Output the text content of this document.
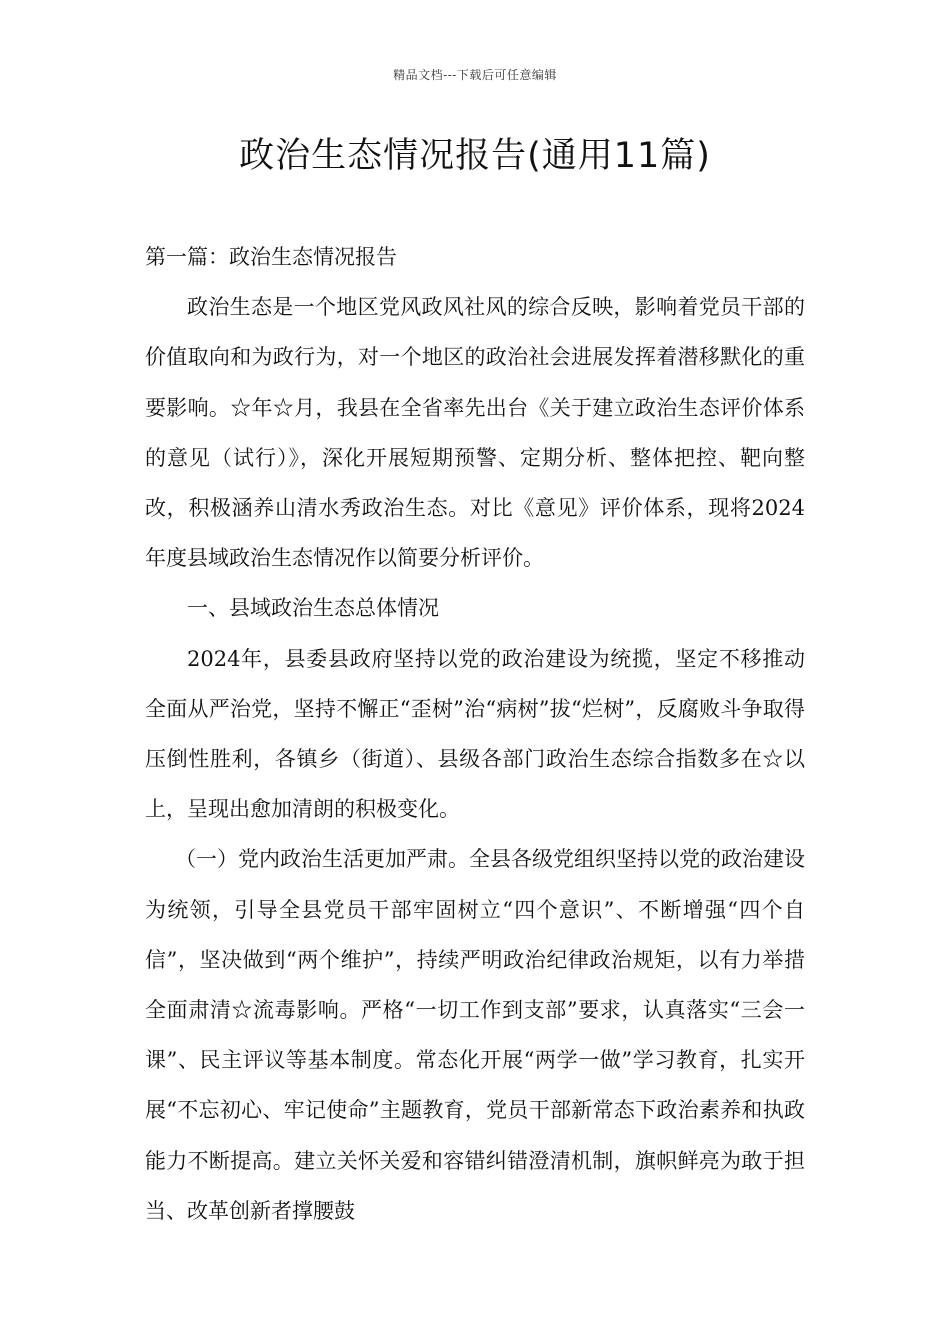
精品文档---下载后可任意编辑
政治生态情况报告(通用11篇)

第一篇：政治生态情况报告

政治生态是一个地区党风政风社风的综合反映，影响着党员干部的价值取向和为政行为，对一个地区的政治社会进展发挥着潜移默化的重要影响。☆年☆月，我县在全省率先出台《关于建立政治生态评价体系的意见（试行）》，深化开展短期预警、定期分析、整体把控、靶向整改，积极涵养山清水秀政治生态。对比《意见》评价体系，现将2024年度县域政治生态情况作以简要分析评价。

一、县域政治生态总体情况

2024年，县委县政府坚持以党的政治建设为统揽，坚定不移推动全面从严治党，坚持不懈正“歪树”治“病树”拔“烂树”，反腐败斗争取得压倒性胜利，各镇乡（街道）、县级各部门政治生态综合指数多在☆以上，呈现出愈加清朗的积极变化。

（一）党内政治生活更加严肃。全县各级党组织坚持以党的政治建设为统领，引导全县党员干部牢固树立“四个意识”、不断增强“四个自信”，坚决做到“两个维护”，持续严明政治纪律政治规矩，以有力举措全面肃清☆流毒影响。严格“一切工作到支部”要求，认真落实“三会一课”、民主评议等基本制度。常态化开展“两学一做”学习教育，扎实开展“不忘初心、牢记使命”主题教育，党员干部新常态下政治素养和执政能力不断提高。建立关怀关爱和容错纠错澄清机制，旗帜鲜亮为敢于担当、改革创新者撑腰鼓
